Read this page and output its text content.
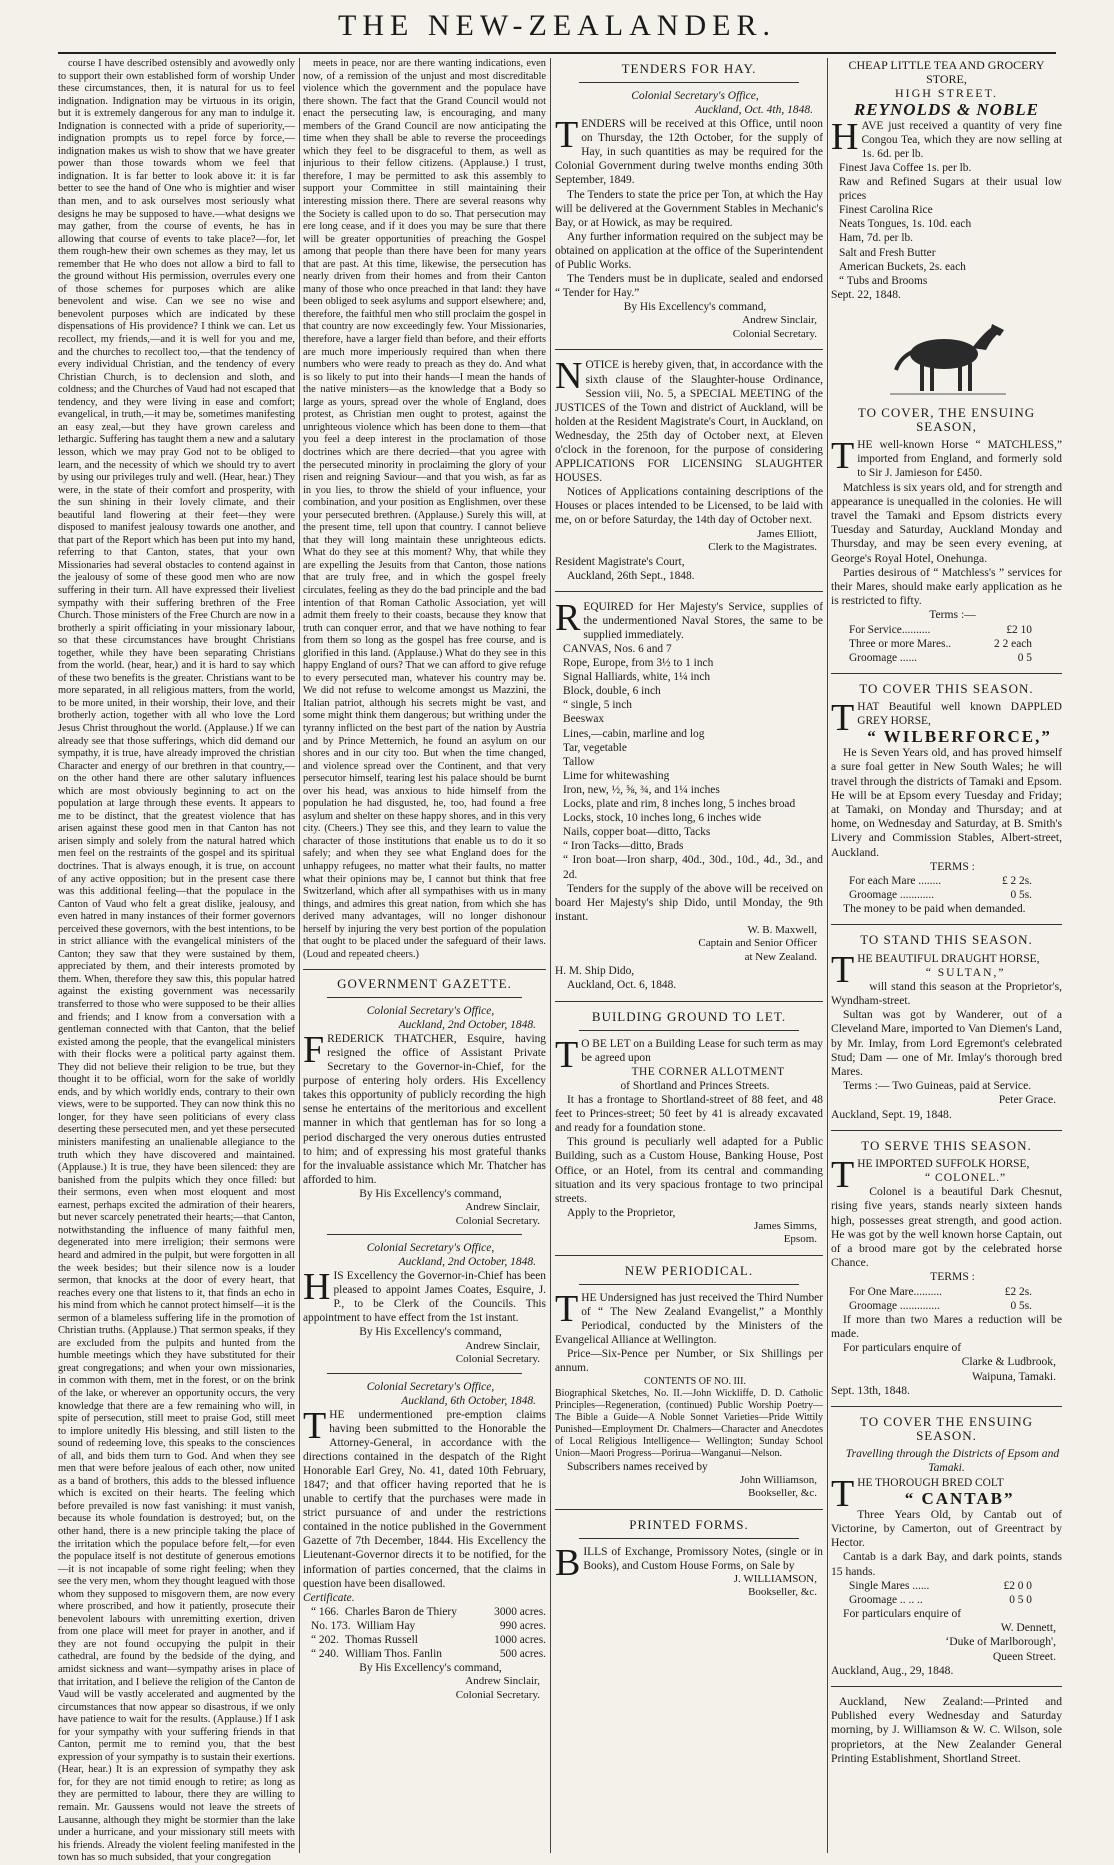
THE NEW-ZEALANDER.

course I have described ostensibly and avowedly only to support their own established form of worship Under these circumstances, then, it is natural for us to feel indignation. Indignation may be virtuous in its origin, but it is extremely dangerous for any man to indulge it. Indignation is connected with a pride of superiority,—indignation prompts us to repel force by force,—indignation makes us wish to show that we have greater power than those towards whom we feel that indignation. It is far better to look above it: it is far better to see the hand of One who is mightier and wiser than men, and to ask ourselves most seriously what designs he may be supposed to have.—what designs we may gather, from the course of events, he has in allowing that course of events to take place?—for, let them rough-hew their own schemes as they may, let us remember that He who does not allow a bird to fall to the ground without His permission, overrules every one of those schemes for purposes which are alike benevolent and wise. Can we see no wise and benevolent purposes which are indicated by these dispensations of His providence? I think we can. Let us recollect, my friends,—and it is well for you and me, and the churches to recollect too,—that the tendency of every individual Christian, and the tendency of every Christian Church, is to declension and sloth, and coldness; and the Churches of Vaud had not escaped that tendency, and they were living in ease and comfort; evangelical, in truth,—it may be, sometimes manifesting an easy zeal,—but they have grown careless and lethargic. Suffering has taught them a new and a salutary lesson, which we may pray God not to be obliged to learn, and the necessity of which we should try to avert by using our privileges truly and well. (Hear, hear.) They were, in the state of their comfort and prosperity, with the sun shining in their lovely climate, and their beautiful land flowering at their feet—they were disposed to manifest jealousy towards one another, and that part of the Report which has been put into my hand, referring to that Canton, states, that your own Missionaries had several obstacles to contend against in the jealousy of some of these good men who are now suffering in their turn. All have expressed their liveliest sympathy with their suffering brethren of the Free Church. Those ministers of the Free Church are now in a brotherly a spirit officiating in your missionary labour, so that these circumstances have brought Christians together, while they have been separating Christians from the world. (hear, hear,) and it is hard to say which of these two benefits is the greater. Christians want to be more separated, in all religious matters, from the world, to be more united, in their worship, their love, and their brotherly action, together with all who love the Lord Jesus Christ throughout the world. (Applause.) If we can already see that those sufferings, which did demand our sympathy, it is true, have already improved the christian Character and energy of our brethren in that country,—on the other hand there are other salutary influences which are most obviously beginning to act on the population at large through these events. It appears to me to be distinct, that the greatest violence that has arisen against these good men in that Canton has not arisen simply and solely from the natural hatred which men feel on the restraints of the gospel and its spiritual doctrines. That is always enough, it is true, on account of any active opposition; but in the present case there was this additional feeling—that the populace in the Canton of Vaud who felt a great dislike, jealousy, and even hatred in many instances of their former governors perceived these governors, with the best intentions, to be in strict alliance with the evangelical ministers of the Canton; they saw that they were sustained by them, appreciated by them, and their interests promoted by them. When, therefore they saw this, this popular hatred against the existing government was necessarily transferred to those who were supposed to be their allies and friends; and I know from a conversation with a gentleman connected with that Canton, that the belief existed among the people, that the evangelical ministers with their flocks were a political party against them. They did not believe their religion to be true, but they thought it to be official, worn for the sake of worldly ends, and by which worldly ends, contrary to their own views, were to be supported. They can now think this no longer, for they have seen politicians of every class deserting these persecuted men, and yet these persecuted ministers manifesting an unalienable allegiance to the truth which they have discovered and maintained. (Applause.) It is true, they have been silenced: they are banished from the pulpits which they once filled: but their sermons, even when most eloquent and most earnest, perhaps excited the admiration of their hearers, but never scarcely penetrated their hearts;—that Canton, notwithstanding the influence of many faithful men, degenerated into mere irreligion; their sermons were heard and admired in the pulpit, but were forgotten in all the week besides; but their silence now is a louder sermon, that knocks at the door of every heart, that reaches every one that listens to it, that finds an echo in his mind from which he cannot protect himself—it is the sermon of a blameless suffering life in the promotion of Christian truths. (Applause.) That sermon speaks, if they are excluded from the pulpits and hunted from the humble meetings which they have substituted for their great congregations; and when your own missionaries, in common with them, met in the forest, or on the brink of the lake, or wherever an opportunity occurs, the very knowledge that there are a few remaining who will, in spite of persecution, still meet to praise God, still meet to implore unitedly His blessing, and still listen to the sound of redeeming love, this speaks to the consciences of all, and bids them turn to God. And when they see men that were before jealous of each other, now united as a band of brothers, this adds to the blessed influence which is excited on their hearts. The feeling which before prevailed is now fast vanishing: it must vanish, because its whole foundation is destroyed; but, on the other hand, there is a new principle taking the place of the irritation which the populace before felt,—for even the populace itself is not destitute of generous emotions—it is not incapable of some right feeling; when they see the very men, whom they thought leagued with those whom they supposed to misgovern them, are now every where proscribed, and how it patiently, prosecute their benevolent labours with unremitting exertion, driven from one place will meet for prayer in another, and if they are not found occupying the pulpit in their cathedral, are found by the bedside of the dying, and amidst sickness and want—sympathy arises in place of that irritation, and I believe the religion of the Canton de Vaud will be vastly accelerated and augmented by the circumstances that now appear so disastrous, if we only have patience to wait for the results. (Applause.) If I ask for your sympathy with your suffering friends in that Canton, permit me to remind you, that the best expression of your sympathy is to sustain their exertions. (Hear, hear.) It is an expression of sympathy they ask for, for they are not timid enough to retire; as long as they are permitted to labour, there they are willing to remain. Mr. Gaussens would not leave the streets of Lausanne, although they might be stormier than the lake under a hurricane, and your missionary still meets with his friends. Already the violent feeling manifested in the town has so much subsided, that your congregation

meets in peace, nor are there wanting indications, even now, of a remission of the unjust and most discreditable violence which the government and the populace have there shown. The fact that the Grand Council would not enact the persecuting law, is encouraging, and many members of the Grand Council are now anticipating the time when they shall be able to reverse the proceedings which they feel to be disgraceful to them, as well as injurious to their fellow citizens. (Applause.) I trust, therefore, I may be permitted to ask this assembly to support your Committee in still maintaining their interesting mission there. There are several reasons why the Society is called upon to do so. That persecution may ere long cease, and if it does you may be sure that there will be greater opportunities of preaching the Gospel among that people than there have been for many years that are past. At this time, likewise, the persecution has nearly driven from their homes and from their Canton many of those who once preached in that land: they have been obliged to seek asylums and support elsewhere; and, therefore, the faithful men who still proclaim the gospel in that country are now exceedingly few. Your Missionaries, therefore, have a larger field than before, and their efforts are much more imperiously required than when there numbers who were ready to preach as they do. And what is so likely to put into their hands—I mean the hands of the native ministers—as the knowledge that a Body so large as yours, spread over the whole of England, does protest, as Christian men ought to protest, against the unrighteous violence which has been done to them—that you feel a deep interest in the proclamation of those doctrines which are there decried—that you agree with the persecuted minority in proclaiming the glory of your risen and reigning Saviour—and that you wish, as far as in you lies, to throw the shield of your influence, your combination, and your position as Englishmen, over these your persecuted brethren. (Applause.) Surely this will, at the present time, tell upon that country. I cannot believe that they will long maintain these unrighteous edicts. What do they see at this moment? Why, that while they are expelling the Jesuits from that Canton, those nations that are truly free, and in which the gospel freely circulates, feeling as they do the bad principle and the bad intention of that Roman Catholic Association, yet will admit them freely to their coasts, because they know that truth can conquer error, and that we have nothing to fear from them so long as the gospel has free course, and is glorified in this land. (Applause.) What do they see in this happy England of ours? That we can afford to give refuge to every persecuted man, whatever his country may be. We did not refuse to welcome amongst us Mazzini, the Italian patriot, although his secrets might be vast, and some might think them dangerous; but writhing under the tyranny inflicted on the best part of the nation by Austria and by Prince Metternich, he found an asylum on our shores and in our city too. But when the time changed, and violence spread over the Continent, and that very persecutor himself, tearing lest his palace should be burnt over his head, was anxious to hide himself from the population he had disgusted, he, too, had found a free asylum and shelter on these happy shores, and in this very city. (Cheers.) They see this, and they learn to value the character of those institutions that enable us to do it so safely; and when they see what England does for the unhappy refugees, no matter what their faults, no matter what their opinions may be, I cannot but think that free Switzerland, which after all sympathises with us in many things, and admires this great nation, from which she has derived many advantages, will no longer dishonour herself by injuring the very best portion of the population that ought to be placed under the safeguard of their laws. (Loud and repeated cheers.)

GOVERNMENT GAZETTE.

Colonial Secretary's Office,

Auckland, 2nd October, 1848.

FREDERICK THATCHER, Esquire, having resigned the office of Assistant Private Secretary to the Governor-in-Chief, for the purpose of entering holy orders. His Excellency takes this opportunity of publicly recording the high sense he entertains of the meritorious and excellent manner in which that gentleman has for so long a period discharged the very onerous duties entrusted to him; and of expressing his most grateful thanks for the invaluable assistance which Mr. Thatcher has afforded to him.

By His Excellency's command,

Andrew Sinclair,

Colonial Secretary.

Colonial Secretary's Office,

Auckland, 2nd October, 1848.

HIS Excellency the Governor-in-Chief has been pleased to appoint James Coates, Esquire, J. P., to be Clerk of the Councils. This appointment to have effect from the 1st instant.

By His Excellency's command,

Andrew Sinclair,

Colonial Secretary.

Colonial Secretary's Office,

Auckland, 6th October, 1848.

THE undermentioned pre-emption claims having been submitted to the Honorable the Attorney-General, in accordance with the directions contained in the despatch of the Right Honorable Earl Grey, No. 41, dated 10th February, 1847; and that officer having reported that he is unable to certify that the purchases were made in strict pursuance of and under the restrictions contained in the notice published in the Government Gazette of 7th December, 1844. His Excellency the Lieutenant-Governor directs it to be notified, for the information of parties concerned, that the claims in question have been disallowed.

Certificate.

“ 166. Charles Baron de Thiery	3000 acres.
No. 173. William Hay	990 acres.
“ 202. Thomas Russell	1000 acres.
“ 240. William Thos. Fanlin	500 acres.

By His Excellency's command,

Andrew Sinclair,

Colonial Secretary.

TENDERS FOR HAY.

Colonial Secretary's Office,

Auckland, Oct. 4th, 1848.

TENDERS will be received at this Office, until noon on Thursday, the 12th October, for the supply of Hay, in such quantities as may be required for the Colonial Government during twelve months ending 30th September, 1849.

The Tenders to state the price per Ton, at which the Hay will be delivered at the Government Stables in Mechanic's Bay, or at Howick, as may be required.

Any further information required on the subject may be obtained on application at the office of the Superintendent of Public Works.

The Tenders must be in duplicate, sealed and endorsed “ Tender for Hay.”

By His Excellency's command,

Andrew Sinclair,

Colonial Secretary.

NOTICE is hereby given, that, in accordance with the sixth clause of the Slaughter-house Ordinance, Session viii, No. 5, a SPECIAL MEETING of the JUSTICES of the Town and district of Auckland, will be holden at the Resident Magistrate's Court, in Auckland, on Wednesday, the 25th day of October next, at Eleven o'clock in the forenoon, for the purpose of considering APPLICATIONS FOR LICENSING SLAUGHTER HOUSES.

Notices of Applications containing descriptions of the Houses or places intended to be Licensed, to be laid with me, on or before Saturday, the 14th day of October next.

James Elliott,

Clerk to the Magistrates.

Resident Magistrate's Court,

Auckland, 26th Sept., 1848.

REQUIRED for Her Majesty's Service, supplies of the undermentioned Naval Stores, the same to be supplied immediately.
CANVAS, Nos. 6 and 7
Rope, Europe, from 3½ to 1 inch
Signal Halliards, white, 1¼ inch
Block, double, 6 inch
“ single, 5 inch
Beeswax
Lines,—cabin, marline and log
Tar, vegetable
Tallow
Lime for whitewashing
Iron, new, ½, ⅝, ¾, and 1¼ inches
Locks, plate and rim, 8 inches long, 5 inches broad
Locks, stock, 10 inches long, 6 inches wide
Nails, copper boat—ditto, Tacks
“ Iron Tacks—ditto, Brads
“ Iron boat—Iron sharp, 40d., 30d., 10d., 4d., 3d., and 2d.

Tenders for the supply of the above will be received on board Her Majesty's ship Dido, until Monday, the 9th instant.

W. B. Maxwell,

Captain and Senior Officer

at New Zealand.

H. M. Ship Dido,

Auckland, Oct. 6, 1848.

BUILDING GROUND TO LET.
T O BE LET on a Building Lease for such term as may be agreed upon

THE CORNER ALLOTMENT

of Shortland and Princes Streets.

It has a frontage to Shortland-street of 88 feet, and 48 feet to Princes-street; 50 feet by 41 is already excavated and ready for a foundation stone.

This ground is peculiarly well adapted for a Public Building, such as a Custom House, Banking House, Post Office, or an Hotel, from its central and commanding situation and its very spacious frontage to two principal streets.

Apply to the Proprietor,

James Simms,

Epsom.

NEW PERIODICAL.
THE Undersigned has just received the Third Number of “ The New Zealand Evangelist,” a Monthly Periodical, conducted by the Ministers of the Evangelical Alliance at Wellington.

Price—Six-Pence per Number, or Six Shillings per annum.

CONTENTS OF NO. III.

Biographical Sketches, No. II.—John Wickliffe, D. D. Catholic Principles—Regeneration, (continued) Public Worship Poetry—The Bible a Guide—A Noble Sonnet Varieties—Pride Wittily Punished—Employment Dr. Chalmers—Character and Anecdotes of Local Religious Intelligence— Wellington; Sunday School Union—Maori Progress—Porirua—Wanganui—Nelson.

Subscribers names received by

John Williamson,

Bookseller, &c.

PRINTED FORMS.
BILLS of Exchange, Promissory Notes, (single or in Books), and Custom House Forms, on Sale by

J. WILLIAMSON,

Bookseller, &c.

CHEAP LITTLE TEA AND GROCERY

STORE,

HIGH STREET.

REYNOLDS & NOBLE
HAVE just received a quantity of very fine Congou Tea, which they are now selling at 1s. 6d. per lb.
Finest Java Coffee 1s. per lb.
Raw and Refined Sugars at their usual low prices
Finest Carolina Rice
Neats Tongues, 1s. 10d. each
Ham, 7d. per lb.
Salt and Fresh Butter
American Buckets, 2s. each
“ Tubs and Brooms

Sept. 22, 1848.

TO COVER, THE ENSUING SEASON,
THE well-known Horse “ MATCHLESS,” imported from England, and formerly sold to Sir J. Jamieson for £450.

Matchless is six years old, and for strength and appearance is unequalled in the colonies. He will travel the Tamaki and Epsom districts every Tuesday and Saturday, Auckland Monday and Thursday, and may be seen every evening, at George's Royal Hotel, Onehunga.

Parties desirous of “ Matchless's ” services for their Mares, should make early application as he is restricted to fifty.

Terms :—

For Service..........	£2 10
Three or more Mares..	2 2 each
Groomage ......	0 5
TO COVER THIS SEASON.
THAT Beautiful well known DAPPLED GREY HORSE,
“ WILBERFORCE,”

He is Seven Years old, and has proved himself a sure foal getter in New South Wales; he will travel through the districts of Tamaki and Epsom. He will be at Epsom every Tuesday and Friday; at Tamaki, on Monday and Thursday; and at home, on Wednesday and Saturday, at B. Smith's Livery and Commission Stables, Albert-street, Auckland.

TERMS :

For each Mare ........	£ 2 2s.
Groomage ............	0 5s.

The money to be paid when demanded.

TO STAND THIS SEASON.
THE BEAUTIFUL DRAUGHT HORSE,

“ SULTAN,”

will stand this season at the Proprietor's, Wyndham-street.

Sultan was got by Wanderer, out of a Cleveland Mare, imported to Van Diemen's Land, by Mr. Imlay, from Lord Egremont's celebrated Stud; Dam — one of Mr. Imlay's thorough bred Mares.

Terms :— Two Guineas, paid at Service.

Peter Grace.

Auckland, Sept. 19, 1848.

TO SERVE THIS SEASON.
THE IMPORTED SUFFOLK HORSE,

“ COLONEL.”

Colonel is a beautiful Dark Chesnut, rising five years, stands nearly sixteen hands high, possesses great strength, and good action. He was got by the well known horse Captain, out of a brood mare got by the celebrated horse Chance.

TERMS :

For One Mare..........	£2 2s.
Groomage ..............	0 5s.

If more than two Mares a reduction will be made.

For particulars enquire of

Clarke & Ludbrook,

Waipuna, Tamaki.

Sept. 13th, 1848.

TO COVER THE ENSUING SEASON.

Travelling through the Districts of Epsom and Tamaki.

THE THOROUGH BRED COLT
“ CANTAB”

Three Years Old, by Cantab out of Victorine, by Camerton, out of Greentract by Hector.

Cantab is a dark Bay, and dark points, stands 15 hands.

Single Mares ......	£2 0 0
Groomage .. .. ..	0 5 0

For particulars enquire of

W. Dennett,

‘Duke of Marlborough',

Queen Street.

Auckland, Aug., 29, 1848.

Auckland, New Zealand:—Printed and Published every Wednesday and Saturday morning, by J. Williamson & W. C. Wilson, sole proprietors, at the New Zealander General Printing Establishment, Shortland Street.
